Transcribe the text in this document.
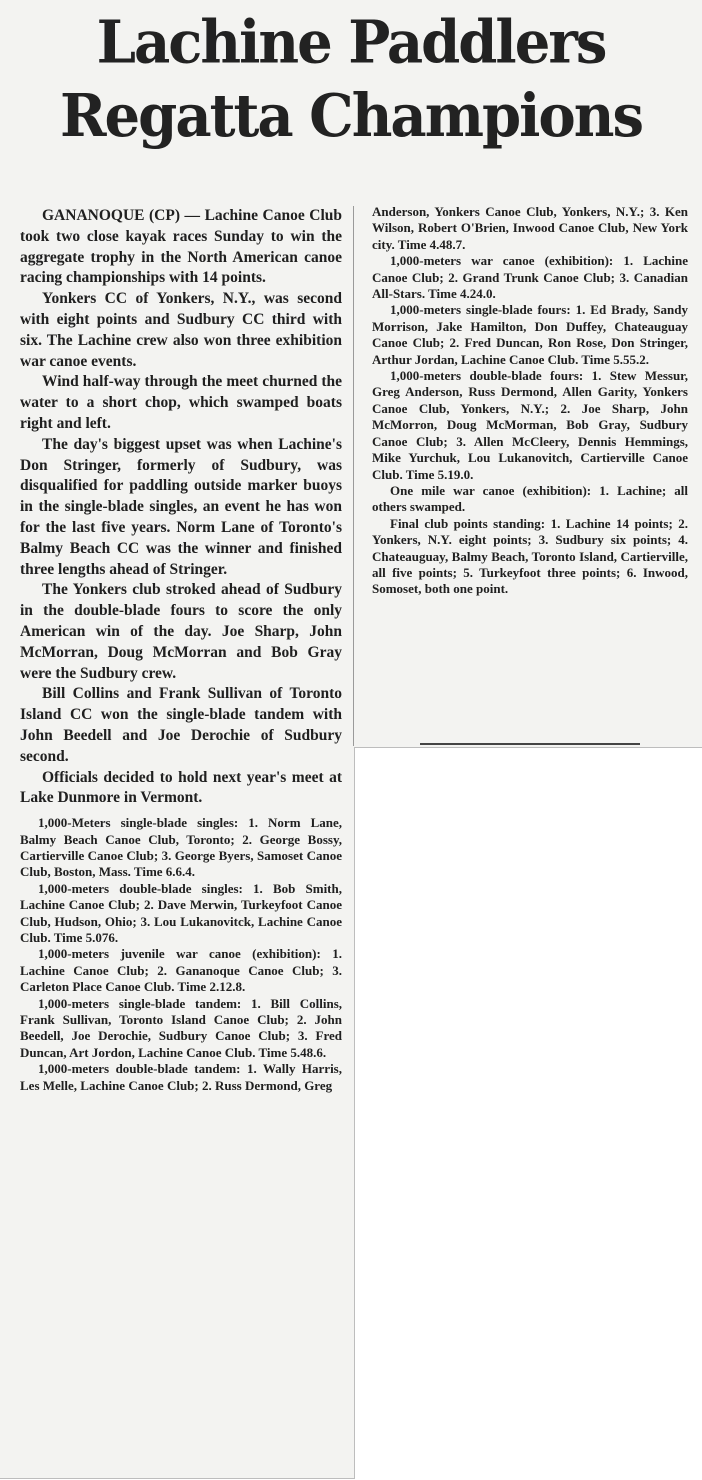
Lachine Paddlers
Regatta Champions

GANANOQUE (CP) — Lachine Canoe Club took two close kayak races Sunday to win the aggregate trophy in the North American canoe racing championships with 14 points.

Yonkers CC of Yonkers, N.Y., was second with eight points and Sudbury CC third with six. The Lachine crew also won three exhibition war canoe events.

Wind half-way through the meet churned the water to a short chop, which swamped boats right and left.

The day's biggest upset was when Lachine's Don Stringer, formerly of Sudbury, was disqualified for paddling outside marker buoys in the single-blade singles, an event he has won for the last five years. Norm Lane of Toronto's Balmy Beach CC was the winner and finished three lengths ahead of Stringer.

The Yonkers club stroked ahead of Sudbury in the double-blade fours to score the only American win of the day. Joe Sharp, John McMorran, Doug McMorran and Bob Gray were the Sudbury crew.

Bill Collins and Frank Sullivan of Toronto Island CC won the single-blade tandem with John Beedell and Joe Derochie of Sudbury second.

Officials decided to hold next year's meet at Lake Dunmore in Vermont.

1,000-Meters single-blade singles: 1. Norm Lane, Balmy Beach Canoe Club, Toronto; 2. George Bossy, Cartierville Canoe Club; 3. George Byers, Samoset Canoe Club, Boston, Mass. Time 6.6.4.

1,000-meters double-blade singles: 1. Bob Smith, Lachine Canoe Club; 2. Dave Merwin, Turkeyfoot Canoe Club, Hudson, Ohio; 3. Lou Lukanovitck, Lachine Canoe Club. Time 5.076.

1,000-meters juvenile war canoe (exhibition): 1. Lachine Canoe Club; 2. Gananoque Canoe Club; 3. Carleton Place Canoe Club. Time 2.12.8.

1,000-meters single-blade tandem: 1. Bill Collins, Frank Sullivan, Toronto Island Canoe Club; 2. John Beedell, Joe Derochie, Sudbury Canoe Club; 3. Fred Duncan, Art Jordon, Lachine Canoe Club. Time 5.48.6.

1,000-meters double-blade tandem: 1. Wally Harris, Les Melle, Lachine Canoe Club; 2. Russ Dermond, Greg

Anderson, Yonkers Canoe Club, Yonkers, N.Y.; 3. Ken Wilson, Robert O'Brien, Inwood Canoe Club, New York city. Time 4.48.7.

1,000-meters war canoe (exhibition): 1. Lachine Canoe Club; 2. Grand Trunk Canoe Club; 3. Canadian All-Stars. Time 4.24.0.

1,000-meters single-blade fours: 1. Ed Brady, Sandy Morrison, Jake Hamilton, Don Duffey, Chateauguay Canoe Club; 2. Fred Duncan, Ron Rose, Don Stringer, Arthur Jordan, Lachine Canoe Club. Time 5.55.2.

1,000-meters double-blade fours: 1. Stew Messur, Greg Anderson, Russ Dermond, Allen Garity, Yonkers Canoe Club, Yonkers, N.Y.; 2. Joe Sharp, John McMorron, Doug McMorman, Bob Gray, Sudbury Canoe Club; 3. Allen McCleery, Dennis Hemmings, Mike Yurchuk, Lou Lukanovitch, Cartierville Canoe Club. Time 5.19.0.

One mile war canoe (exhibition): 1. Lachine; all others swamped.

Final club points standing: 1. Lachine 14 points; 2. Yonkers, N.Y. eight points; 3. Sudbury six points; 4. Chateauguay, Balmy Beach, Toronto Island, Cartierville, all five points; 5. Turkeyfoot three points; 6. Inwood, Somoset, both one point.
